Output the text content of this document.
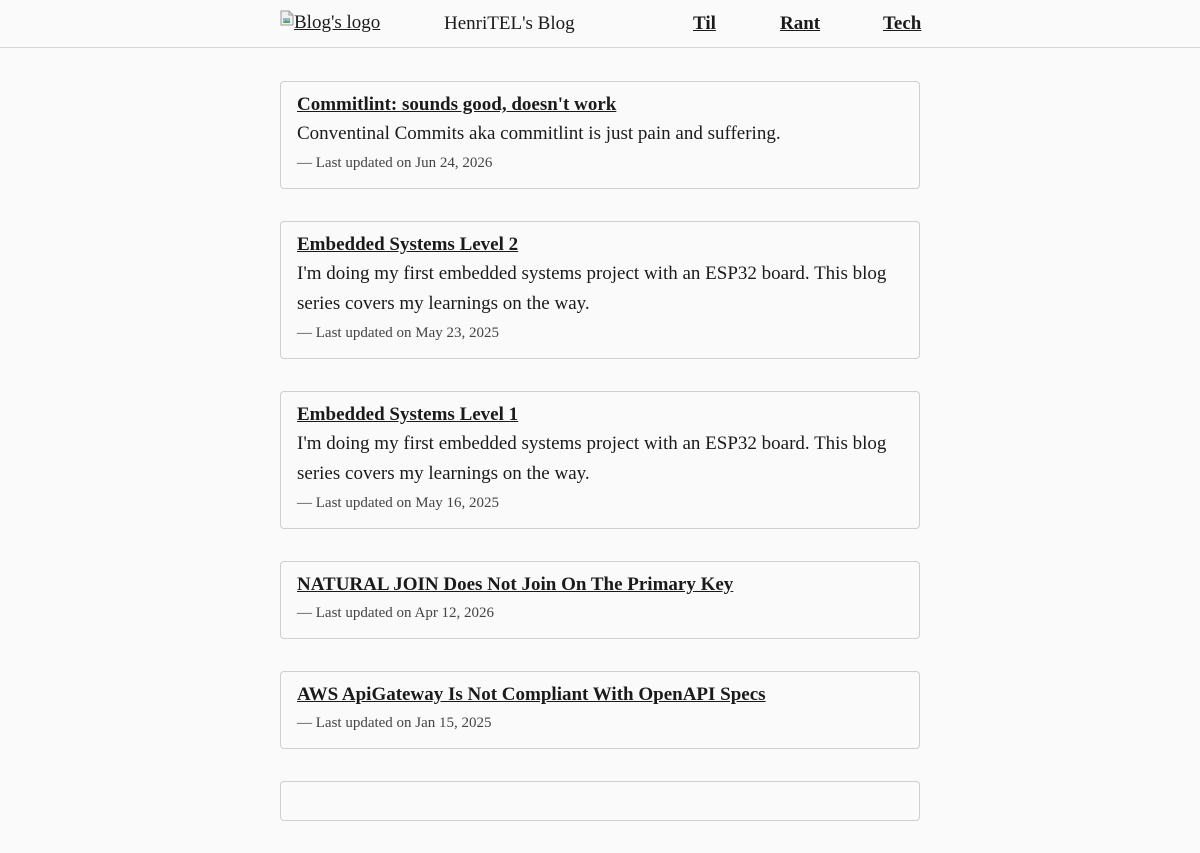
Blog's logo	HenriTEL's Blog	Til	Rant	Tech
Commitlint: sounds good, doesn't work

Conventinal Commits aka commitlint is just pain and suffering.

— Last updated on Jun 24, 2026
Embedded Systems Level 2

I'm doing my first embedded systems project with an ESP32 board. This blog series covers my learnings on the way.

— Last updated on May 23, 2025
Embedded Systems Level 1

I'm doing my first embedded systems project with an ESP32 board. This blog series covers my learnings on the way.

— Last updated on May 16, 2025
NATURAL JOIN Does Not Join On The Primary Key
— Last updated on Apr 12, 2026
AWS ApiGateway Is Not Compliant With OpenAPI Specs
— Last updated on Jan 15, 2025
